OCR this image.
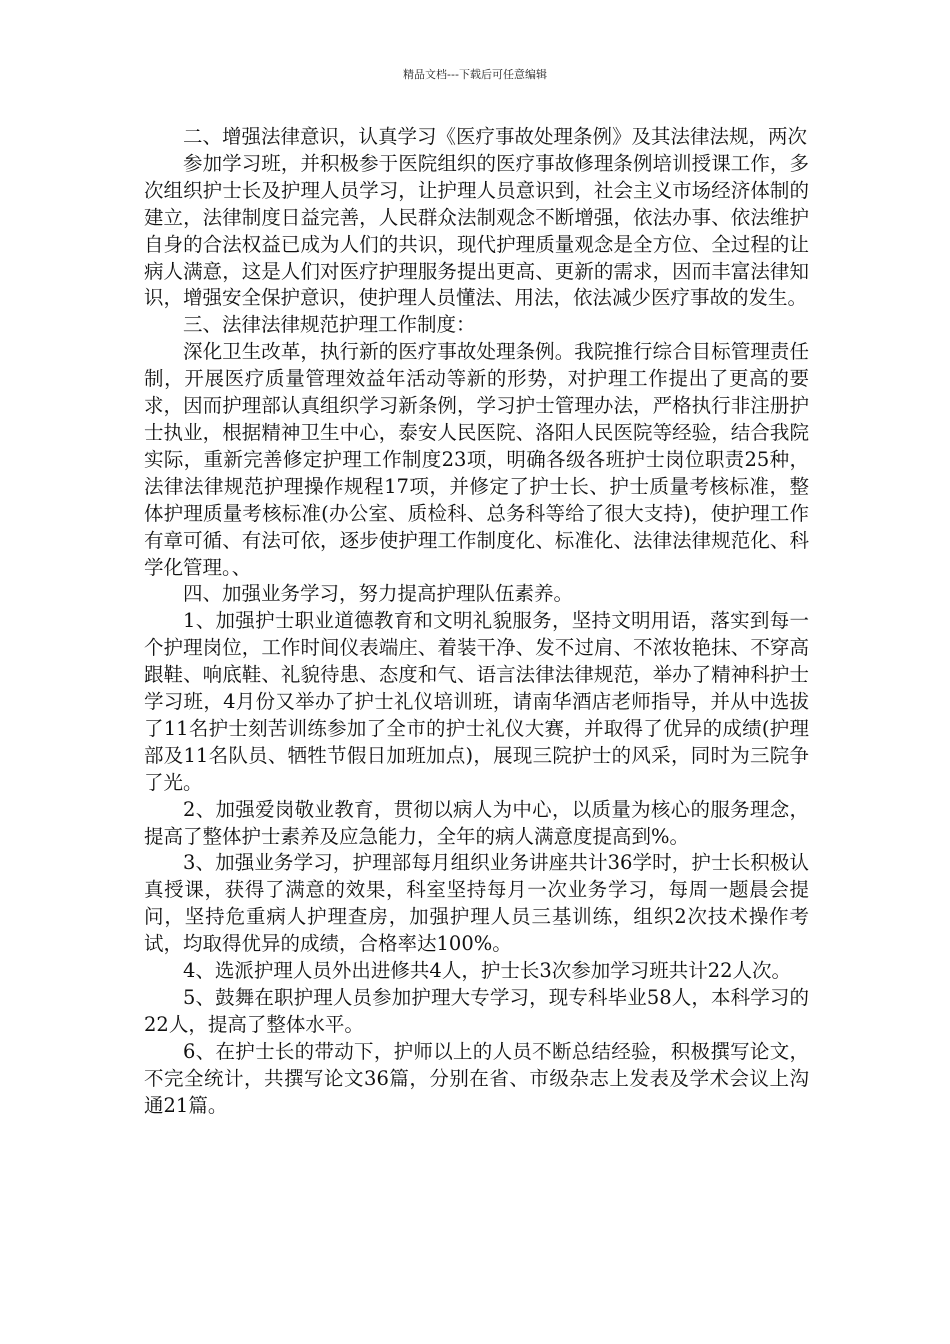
精品文档---下载后可任意编辑

二、增强法律意识，认真学习《医疗事故处理条例》及其法律法规，两次

参加学习班，并积极参于医院组织的医疗事故修理条例培训授课工作，多次组织护士长及护理人员学习，让护理人员意识到，社会主义市场经济体制的建立，法律制度日益完善，人民群众法制观念不断增强，依法办事、依法维护自身的合法权益已成为人们的共识，现代护理质量观念是全方位、全过程的让病人满意，这是人们对医疗护理服务提出更高、更新的需求，因而丰富法律知识，增强安全保护意识，使护理人员懂法、用法，依法减少医疗事故的发生。

三、法律法律规范护理工作制度：

深化卫生改革，执行新的医疗事故处理条例。我院推行综合目标管理责任制，开展医疗质量管理效益年活动等新的形势，对护理工作提出了更高的要求，因而护理部认真组织学习新条例，学习护士管理办法，严格执行非注册护士执业，根据精神卫生中心，泰安人民医院、洛阳人民医院等经验，结合我院实际，重新完善修定护理工作制度23项，明确各级各班护士岗位职责25种，法律法律规范护理操作规程17项，并修定了护士长、护士质量考核标准，整体护理质量考核标准(办公室、质检科、总务科等给了很大支持)，使护理工作有章可循、有法可依，逐步使护理工作制度化、标准化、法律法律规范化、科学化管理。、

四、加强业务学习，努力提高护理队伍素养。

1、加强护士职业道德教育和文明礼貌服务，坚持文明用语，落实到每一个护理岗位，工作时间仪表端庄、着装干净、发不过肩、不浓妆艳抹、不穿高跟鞋、响底鞋、礼貌待患、态度和气、语言法律法律规范，举办了精神科护士学习班，4月份又举办了护士礼仪培训班，请南华酒店老师指导，并从中选拔了11名护士刻苦训练参加了全市的护士礼仪大赛，并取得了优异的成绩(护理部及11名队员、牺牲节假日加班加点)，展现三院护士的风采，同时为三院争了光。

2、加强爱岗敬业教育，贯彻以病人为中心，以质量为核心的服务理念，提高了整体护士素养及应急能力，全年的病人满意度提高到%。

3、加强业务学习，护理部每月组织业务讲座共计36学时，护士长积极认真授课，获得了满意的效果，科室坚持每月一次业务学习，每周一题晨会提问，坚持危重病人护理查房，加强护理人员三基训练，组织2次技术操作考试，均取得优异的成绩，合格率达100%。

4、选派护理人员外出进修共4人，护士长3次参加学习班共计22人次。

5、鼓舞在职护理人员参加护理大专学习，现专科毕业58人，本科学习的22人，提高了整体水平。

6、在护士长的带动下，护师以上的人员不断总结经验，积极撰写论文，不完全统计，共撰写论文36篇，分别在省、市级杂志上发表及学术会议上沟通21篇。
